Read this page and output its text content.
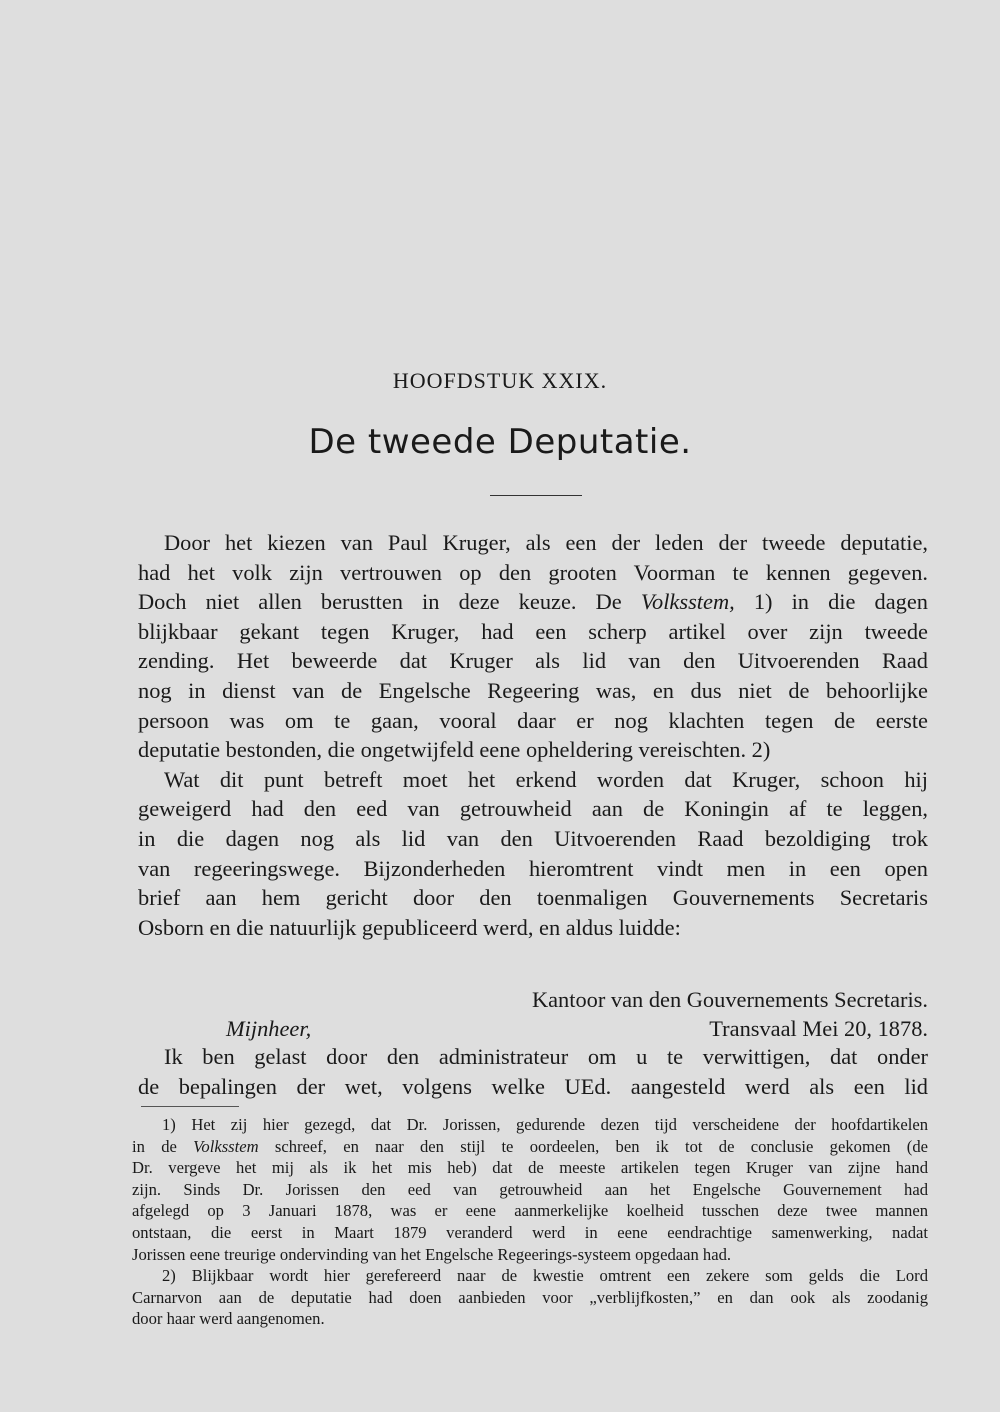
HOOFDSTUK XXIX.
De tweede Deputatie.
Door het kiezen van Paul Kruger, als een der leden der tweede deputatie,
had het volk zijn vertrouwen op den grooten Voorman te kennen gegeven.
Doch niet allen berustten in deze keuze. De Volksstem, 1) in die dagen
blijkbaar gekant tegen Kruger, had een scherp artikel over zijn tweede
zending. Het beweerde dat Kruger als lid van den Uitvoerenden Raad
nog in dienst van de Engelsche Regeering was, en dus niet de behoorlijke
persoon was om te gaan, vooral daar er nog klachten tegen de eerste
deputatie bestonden, die ongetwijfeld eene opheldering vereischten. 2)
Wat dit punt betreft moet het erkend worden dat Kruger, schoon hij
geweigerd had den eed van getrouwheid aan de Koningin af te leggen,
in die dagen nog als lid van den Uitvoerenden Raad bezoldiging trok
van regeeringswege. Bijzonderheden hieromtrent vindt men in een open
brief aan hem gericht door den toenmaligen Gouvernements Secretaris
Osborn en die natuurlijk gepubliceerd werd, en aldus luidde:
Kantoor van den Gouvernements Secretaris.
Mijnheer,	Transvaal Mei 20, 1878.
Ik ben gelast door den administrateur om u te verwittigen, dat onder
de bepalingen der wet, volgens welke UEd. aangesteld werd als een lid
1) Het zij hier gezegd, dat Dr. Jorissen, gedurende dezen tijd verscheidene der hoofdartikelen
in de Volksstem schreef, en naar den stijl te oordeelen, ben ik tot de conclusie gekomen (de
Dr. vergeve het mij als ik het mis heb) dat de meeste artikelen tegen Kruger van zijne hand
zijn. Sinds Dr. Jorissen den eed van getrouwheid aan het Engelsche Gouvernement had
afgelegd op 3 Januari 1878, was er eene aanmerkelijke koelheid tusschen deze twee mannen
ontstaan, die eerst in Maart 1879 veranderd werd in eene eendrachtige samenwerking, nadat
Jorissen eene treurige ondervinding van het Engelsche Regeerings-systeem opgedaan had.
2) Blijkbaar wordt hier gerefereerd naar de kwestie omtrent een zekere som gelds die Lord
Carnarvon aan de deputatie had doen aanbieden voor „verblijfkosten,” en dan ook als zoodanig
door haar werd aangenomen.
